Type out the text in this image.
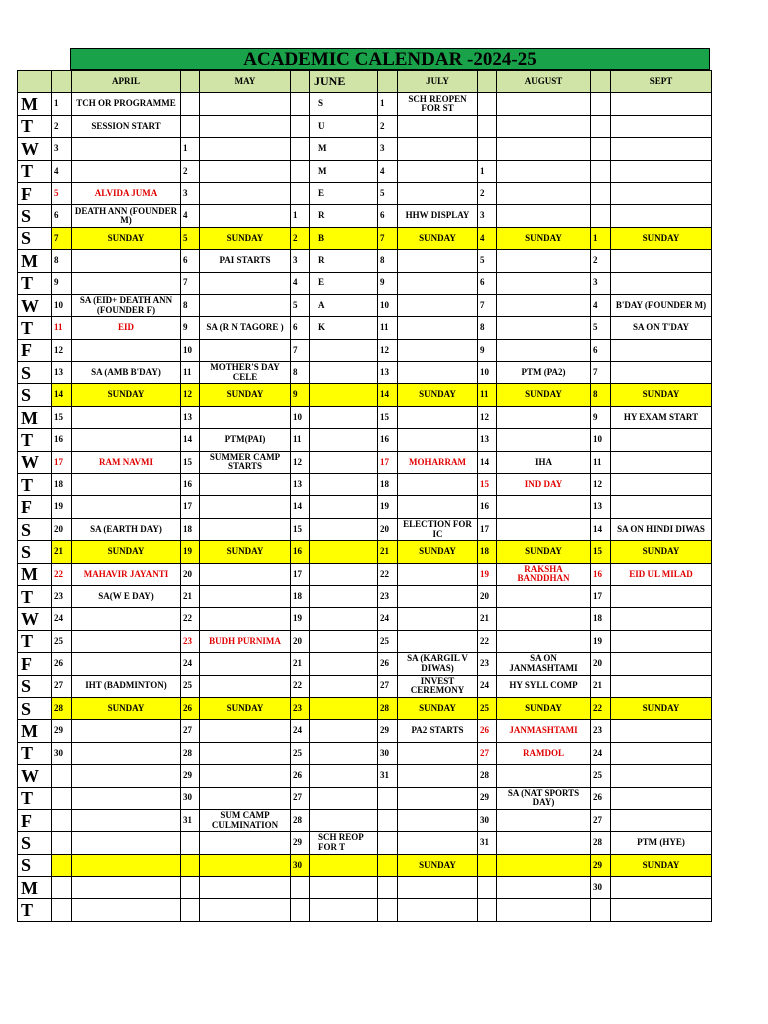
ACADEMIC CALENDAR -2024-25
		APRIL		MAY		JUNE		JULY		AUGUST		SEPT
M	1	TCH OR PROGRAMME				S	1	SCH REOPEN FOR ST				
T	2	SESSION START				U	2					
W	3		1			M	3					
T	4		2			M	4		1			
F	5	ALVIDA JUMA	3			E	5		2			
S	6	DEATH ANN (FOUNDER M)	4		1	R	6	HHW DISPLAY	3			
S	7	SUNDAY	5	SUNDAY	2	B	7	SUNDAY	4	SUNDAY	1	SUNDAY
M	8		6	PAI STARTS	3	R	8		5		2	
T	9		7		4	E	9		6		3	
W	10	SA (EID+ DEATH ANN (FOUNDER F)	8		5	A	10		7		4	B'DAY (FOUNDER M)
T	11	EID	9	SA (R N TAGORE )	6	K	11		8		5	SA ON T'DAY
F	12		10		7		12		9		6	
S	13	SA (AMB B'DAY)	11	MOTHER'S DAY CELE	8		13		10	PTM (PA2)	7	
S	14	SUNDAY	12	SUNDAY	9		14	SUNDAY	11	SUNDAY	8	SUNDAY
M	15		13		10		15		12		9	HY EXAM START
T	16		14	PTM(PAI)	11		16		13		10	
W	17	RAM NAVMI	15	SUMMER CAMP STARTS	12		17	MOHARRAM	14	IHA	11	
T	18		16		13		18		15	IND DAY	12	
F	19		17		14		19		16		13	
S	20	SA (EARTH DAY)	18		15		20	ELECTION FOR IC	17		14	SA ON HINDI DIWAS
S	21	SUNDAY	19	SUNDAY	16		21	SUNDAY	18	SUNDAY	15	SUNDAY
M	22	MAHAVIR JAYANTI	20		17		22		19	RAKSHA BANDDHAN	16	EID UL MILAD
T	23	SA(W E DAY)	21		18		23		20		17	
W	24		22		19		24		21		18	
T	25		23	BUDH PURNIMA	20		25		22		19	
F	26		24		21		26	SA (KARGIL V DIWAS)	23	SA ON JANMASHTAMI	20	
S	27	IHT (BADMINTON)	25		22		27	INVEST CEREMONY	24	HY SYLL COMP	21	
S	28	SUNDAY	26	SUNDAY	23		28	SUNDAY	25	SUNDAY	22	SUNDAY
M	29		27		24		29	PA2 STARTS	26	JANMASHTAMI	23	
T	30		28		25		30		27	RAMDOL	24	
W			29		26		31		28		25	
T			30		27				29	SA (NAT SPORTS DAY)	26	
F			31	SUM CAMP CULMINATION	28				30		27	
S					29	SCH REOP FOR T			31		28	PTM (HYE)
S					30			SUNDAY			29	SUNDAY
M											30	
T												
